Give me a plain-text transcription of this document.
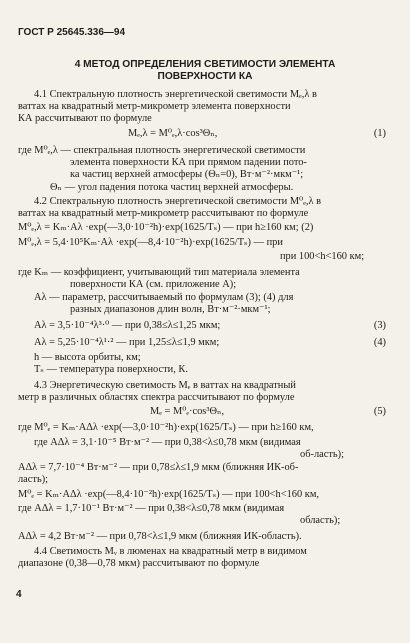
ГОСТ Р 25645.336—94
4 МЕТОД ОПРЕДЕЛЕНИЯ СВЕТИМОСТИ ЭЛЕМЕНТА
ПОВЕРХНОСТИ КА
4.1 Спектральную плотность энергетической светимости Mₑ,λ в
ваттах на квадратный метр-микрометр элемента поверхности
КА рассчитывают по формуле
Mₑ,λ = M⁰ₑ,λ·cos³Θₙ,	(1)
где M⁰ₑ,λ — спектральная плотность энергетической светимости
элемента поверхности КА при прямом падении пото-
ка частиц верхней атмосферы (Θₙ=0), Вт·м⁻²·мкм⁻¹;
Θₙ — угол падения потока частиц верхней атмосферы.
4.2 Спектральную плотность энергетической светимости M⁰ₑ,λ в
ваттах на квадратный метр-микрометр рассчитывают по формуле
M⁰ₑ,λ = Kₘ·Aλ ·exp(—3,0·10⁻²h)·exp(1625/Tₛ) — при h≥160 км; (2)
M⁰ₑ,λ = 5,4·10⁵Kₘ·Aλ ·exp(—8,4·10⁻²h)·exp(1625/Tₛ) — при
при 100<h<160 км;
где Kₘ — коэффициент, учитывающий тип материала элемента
поверхности КА (см. приложение А);
Aλ — параметр, рассчитываемый по формулам (3); (4) для
разных диапазонов длин волн, Вт·м⁻²·мкм⁻¹;
Aλ = 3,5·10⁻⁴λ³·⁰ — при 0,38≤λ≤1,25 мкм;	(3)
Aλ = 5,25·10⁻⁴λ¹·² — при 1,25≤λ≤1,9 мкм;	(4)
h — высота орбиты, км;
Tₛ — температура поверхности, К.
4.3 Энергетическую светимость Mₑ в ваттах на квадратный
метр в различных областях спектра рассчитывают по формуле
Mₑ = M⁰ₑ·cos³Θₙ,	(5)
где M⁰ₑ = Kₘ·AΔλ ·exp(—3,0·10⁻²h)·exp(1625/Tₛ) — при h≥160 км,
где AΔλ = 3,1·10⁻⁵ Вт·м⁻² — при 0,38<λ≤0,78 мкм (видимая
об-ласть);
AΔλ = 7,7·10⁻⁴ Вт·м⁻² — при 0,78≤λ≤1,9 мкм (ближняя ИК-об-
ласть);
M⁰ₑ = Kₘ·AΔλ ·exp(—8,4·10⁻²h)·exp(1625/Tₛ) — при 100<h<160 км,
где AΔλ = 1,7·10⁻¹ Вт·м⁻² — при 0,38<λ≤0,78 мкм (видимая
область);
AΔλ = 4,2 Вт·м⁻² — при 0,78<λ≤1,9 мкм (ближняя ИК-область).
4.4 Светимость Mᵥ в люменах на квадратный метр в видимом
диапазоне (0,38—0,78 мкм) рассчитывают по формуле
4
